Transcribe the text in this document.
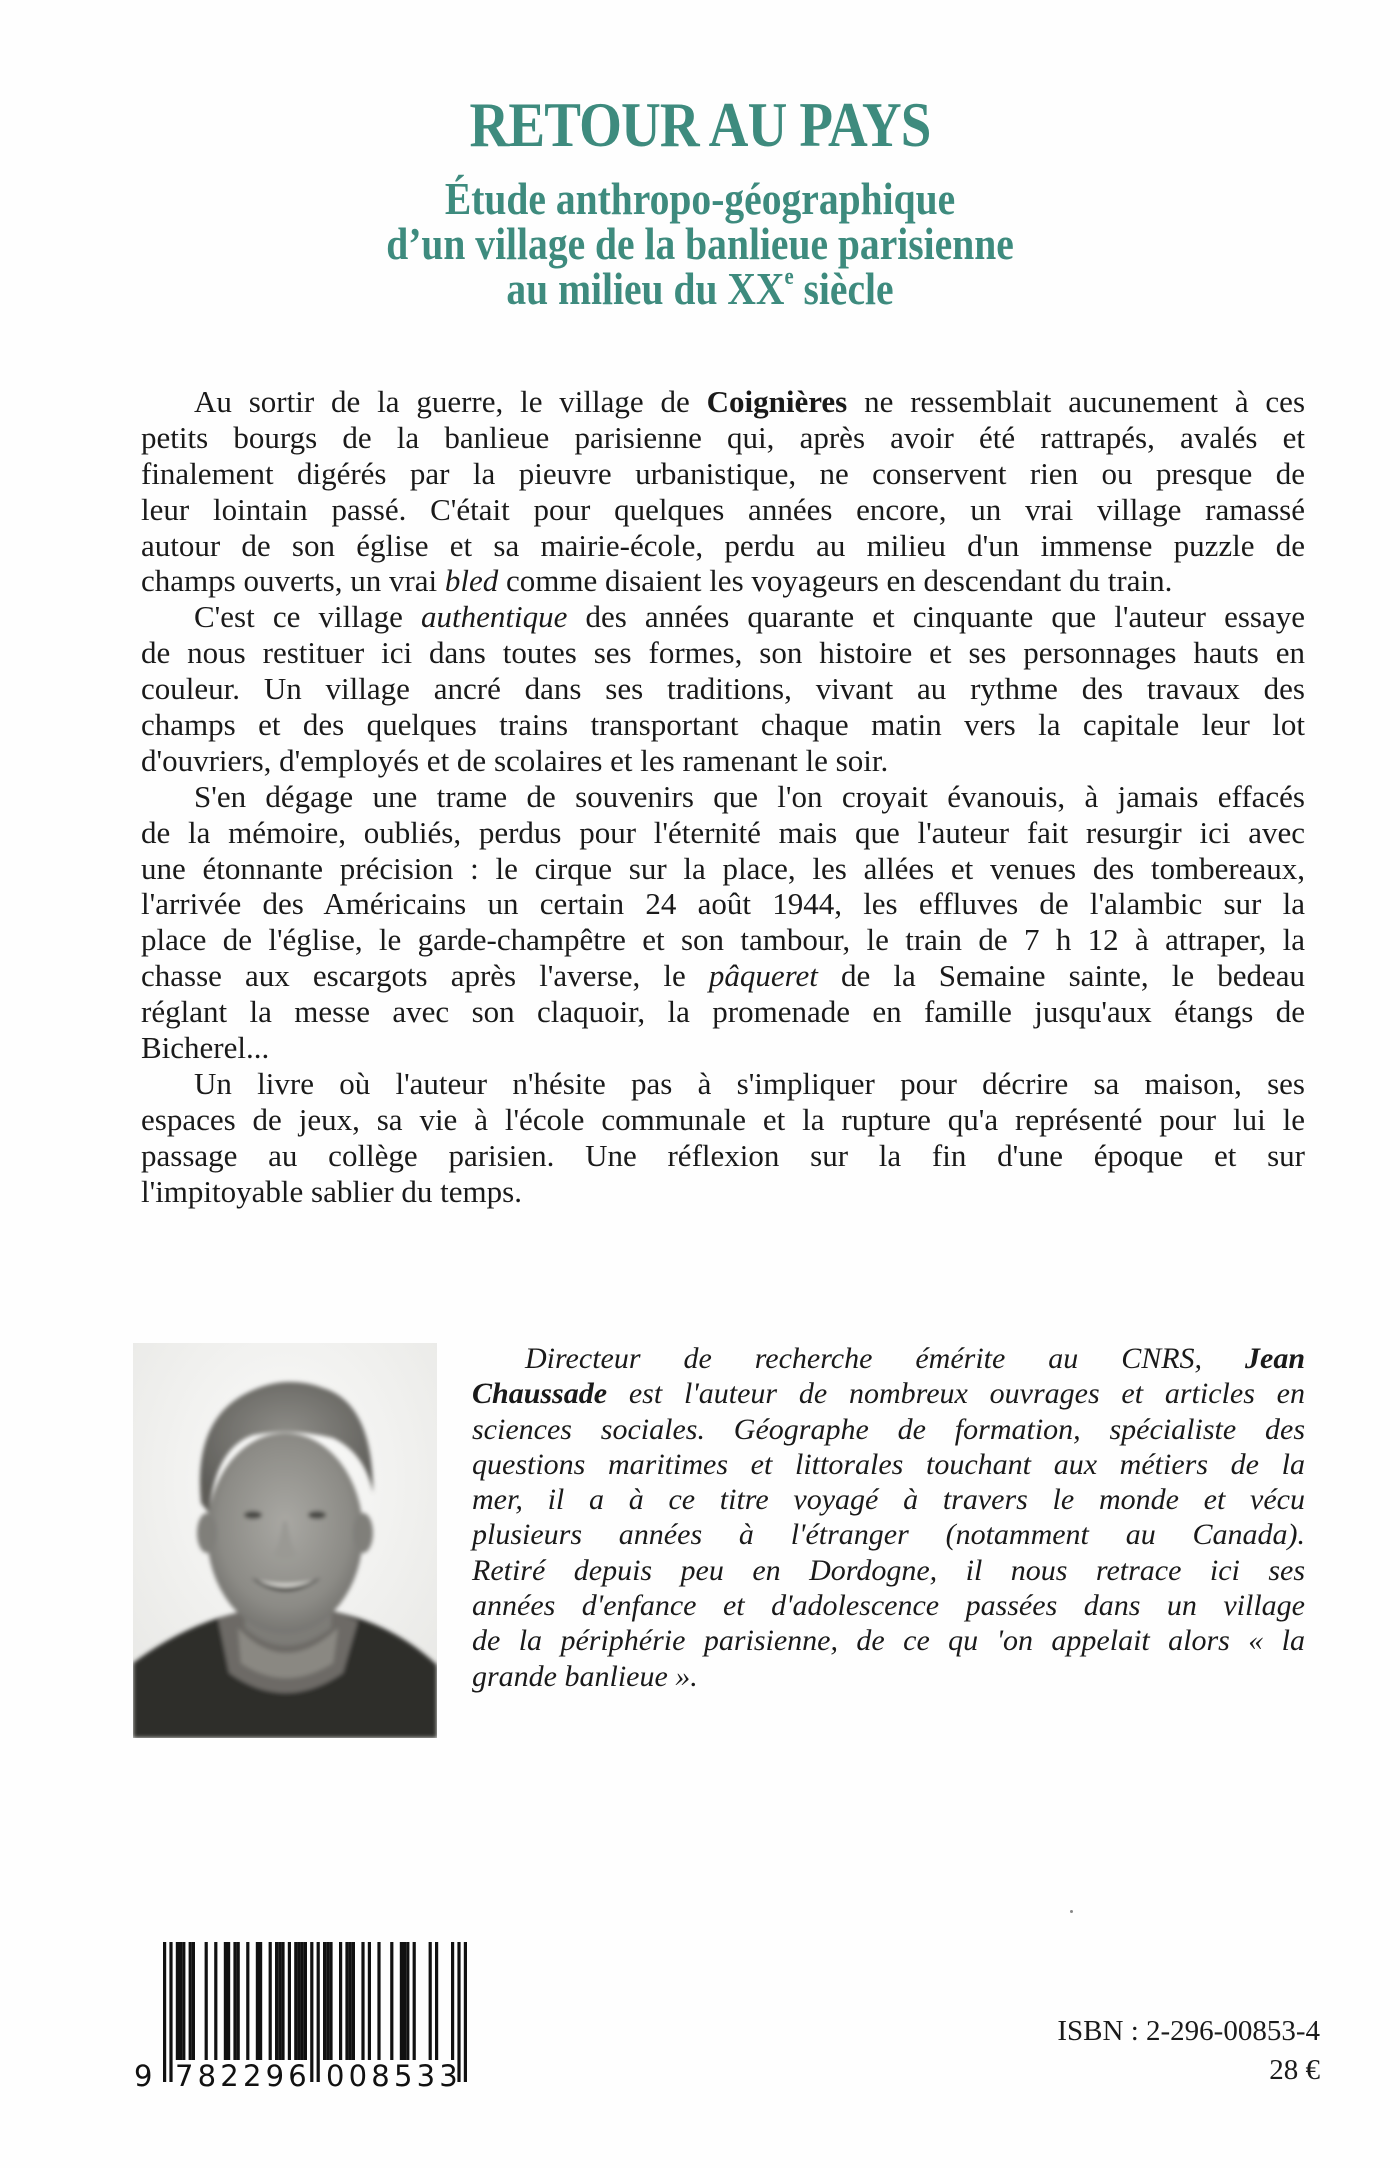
RETOUR AU PAYS
Étude anthropo-géographique
d’un village de la banlieue parisienne
au milieu du XXe siècle
Au sortir de la guerre, le village de Coignières ne ressemblait aucunement à ces
petits bourgs de la banlieue parisienne qui, après avoir été rattrapés, avalés et
finalement digérés par la pieuvre urbanistique, ne conservent rien ou presque de
leur lointain passé. C'était pour quelques années encore, un vrai village ramassé
autour de son église et sa mairie-école, perdu au milieu d'un immense puzzle de
champs ouverts, un vrai bled comme disaient les voyageurs en descendant du train.
C'est ce village authentique des années quarante et cinquante que l'auteur essaye
de nous restituer ici dans toutes ses formes, son histoire et ses personnages hauts en
couleur. Un village ancré dans ses traditions, vivant au rythme des travaux des
champs et des quelques trains transportant chaque matin vers la capitale leur lot
d'ouvriers, d'employés et de scolaires et les ramenant le soir.
S'en dégage une trame de souvenirs que l'on croyait évanouis, à jamais effacés
de la mémoire, oubliés, perdus pour l'éternité mais que l'auteur fait resurgir ici avec
une étonnante précision : le cirque sur la place, les allées et venues des tombereaux,
l'arrivée des Américains un certain 24 août 1944, les effluves de l'alambic sur la
place de l'église, le garde-champêtre et son tambour, le train de 7 h 12 à attraper, la
chasse aux escargots après l'averse, le pâqueret de la Semaine sainte, le bedeau
réglant la messe avec son claquoir, la promenade en famille jusqu'aux étangs de
Bicherel...
Un livre où l'auteur n'hésite pas à s'impliquer pour décrire sa maison, ses
espaces de jeux, sa vie à l'école communale et la rupture qu'a représenté pour lui le
passage au collège parisien. Une réflexion sur la fin d'une époque et sur
l'impitoyable sablier du temps.
Directeur de recherche émérite au CNRS, Jean
Chaussade est l'auteur de nombreux ouvrages et articles en
sciences sociales. Géographe de formation, spécialiste des
questions maritimes et littorales touchant aux métiers de la
mer, il a à ce titre voyagé à travers le monde et vécu
plusieurs années à l'étranger (notamment au Canada).
Retiré depuis peu en Dordogne, il nous retrace ici ses
années d'enfance et d'adolescence passées dans un village
de la périphérie parisienne, de ce qu 'on appelait alors « la
grande banlieue ».
9 782296 008533
ISBN : 2-296-00853-4
28 €
